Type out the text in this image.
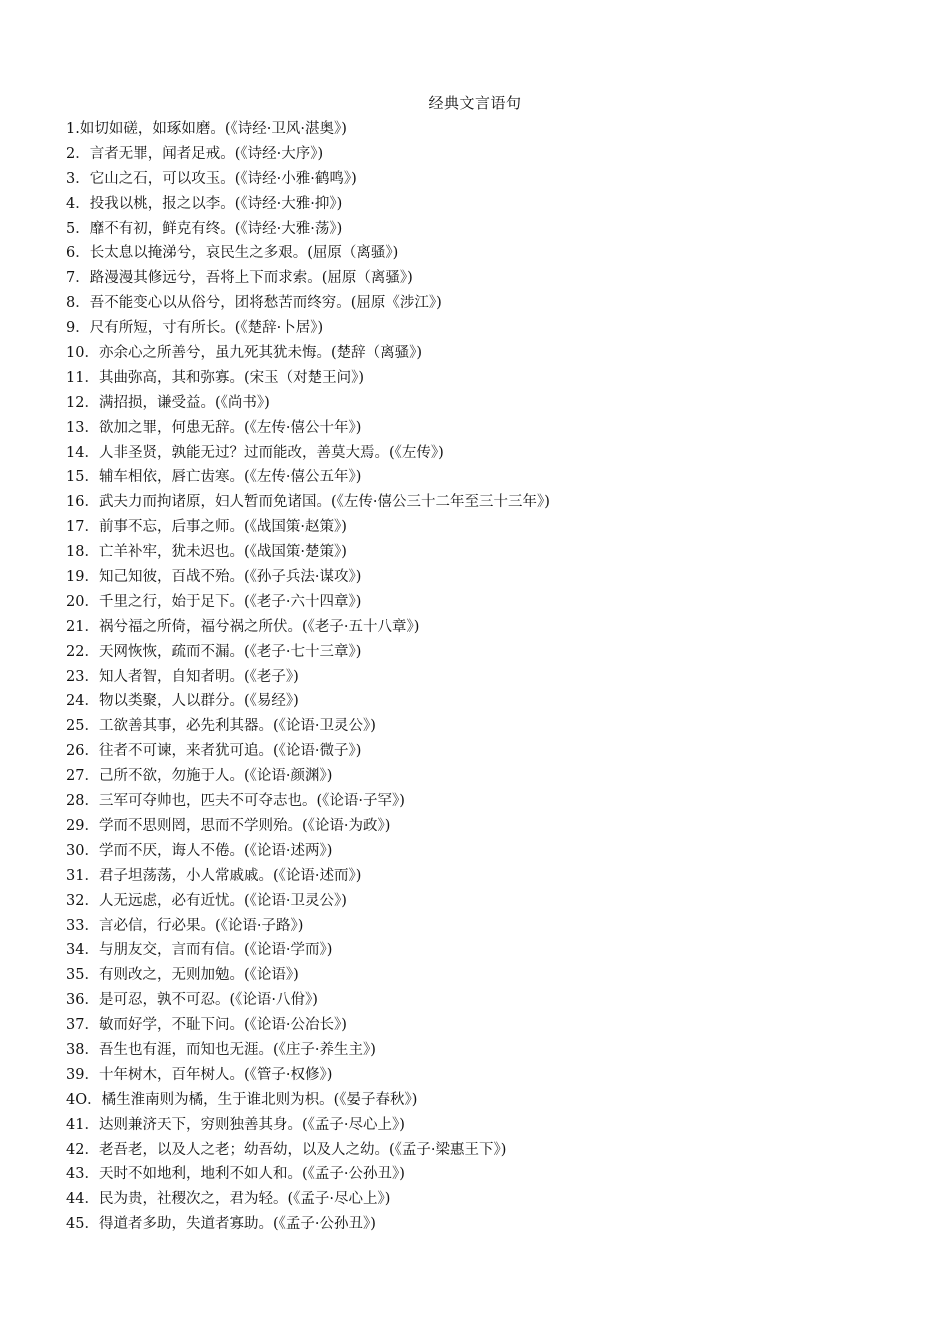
经典文言语句
1.如切如磋，如琢如磨。(《诗经·卫风·湛奥》)
2．言者无罪，闻者足戒。(《诗经·大序》)
3．它山之石，可以攻玉。(《诗经·小雅·鹤鸣》)
4．投我以桃，报之以李。(《诗经·大雅·抑》)
5．靡不有初，鲜克有终。(《诗经·大雅·荡》)
6．长太息以掩涕兮，哀民生之多艰。(屈原（离骚》)
7．路漫漫其修远兮，吾将上下而求索。(屈原（离骚》)
8．吾不能变心以从俗兮，团将愁苦而终穷。(屈原《涉江》)
9．尺有所短，寸有所长。(《楚辞·卜居》)
10．亦余心之所善兮，虽九死其犹未悔。(楚辞（离骚》)
11．其曲弥高，其和弥寡。(宋玉（对楚王问》)
12．满招损，谦受益。(《尚书》)
13．欲加之罪，何患无辞。(《左传·僖公十年》)
14．人非圣贤，孰能无过？过而能改，善莫大焉。(《左传》)
15．辅车相依，唇亡齿寒。(《左传·僖公五年》)
16．武夫力而拘诸原，妇人暂而免诸国。(《左传·僖公三十二年至三十三年》)
17．前事不忘，后事之师。(《战国策·赵策》)
18．亡羊补牢，犹未迟也。(《战国策·楚策》)
19．知己知彼，百战不殆。(《孙子兵法·谋攻》)
20．千里之行，始于足下。(《老子·六十四章》)
21．祸兮福之所倚，福兮祸之所伏。(《老子·五十八章》)
22．天网恢恢，疏而不漏。(《老子·七十三章》)
23．知人者智，自知者明。(《老子》)
24．物以类聚，人以群分。(《易经》)
25．工欲善其事，必先利其器。(《论语·卫灵公》)
26．往者不可谏，来者犹可追。(《论语·微子》)
27．己所不欲，勿施于人。(《论语·颜渊》)
28．三军可夺帅也，匹夫不可夺志也。(《论语·子罕》)
29．学而不思则罔，思而不学则殆。(《论语·为政》)
30．学而不厌，诲人不倦。(《论语·述两》)
31．君子坦荡荡，小人常戚戚。(《论语·述而》)
32．人无远虑，必有近忧。(《论语·卫灵公》)
33．言必信，行必果。(《论语·子路》)
34．与朋友交，言而有信。(《论语·学而》)
35．有则改之，无则加勉。(《论语》)
36．是可忍，孰不可忍。(《论语·八佾》)
37．敏而好学，不耻下问。(《论语·公冶长》)
38．吾生也有涯，而知也无涯。(《庄子·养生主》)
39．十年树木，百年树人。(《管子·权修》)
4O．橘生淮南则为橘，生于谁北则为枳。(《晏子春秋》)
41．达则兼济天下，穷则独善其身。(《孟子·尽心上》)
42．老吾老，以及人之老；幼吾幼，以及人之幼。(《孟子·梁惠王下》)
43．天时不如地利，地利不如人和。(《孟子·公孙丑》)
44．民为贵，社稷次之，君为轻。(《孟子·尽心上》)
45．得道者多助，失道者寡助。(《孟子·公孙丑》)
